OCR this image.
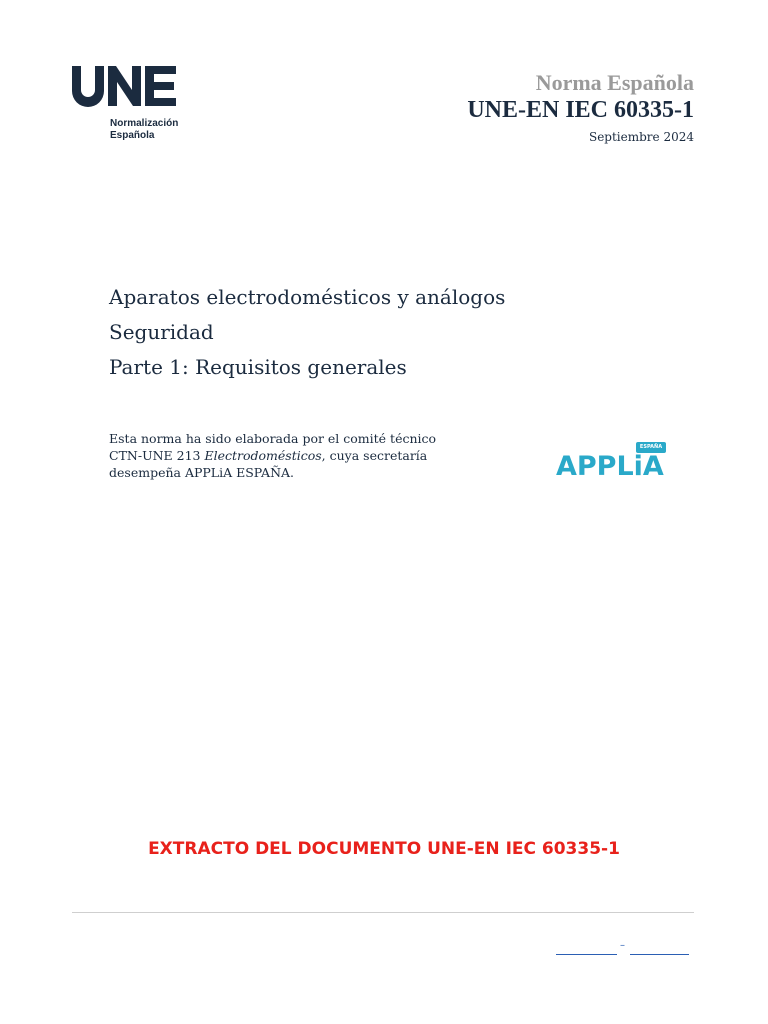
Normalización
Española
Norma Española
UNE-EN IEC 60335-1
Septiembre 2024
Aparatos electrodomésticos y análogos
Seguridad
Parte 1: Requisitos generales
Esta norma ha sido elaborada por el comité técnico
CTN-UNE 213 Electrodomésticos, cuya secretaría
desempeña APPLiA ESPAÑA.
ESPAÑA
APPLiA
EXTRACTO DEL DOCUMENTO UNE-EN IEC 60335-1
–
